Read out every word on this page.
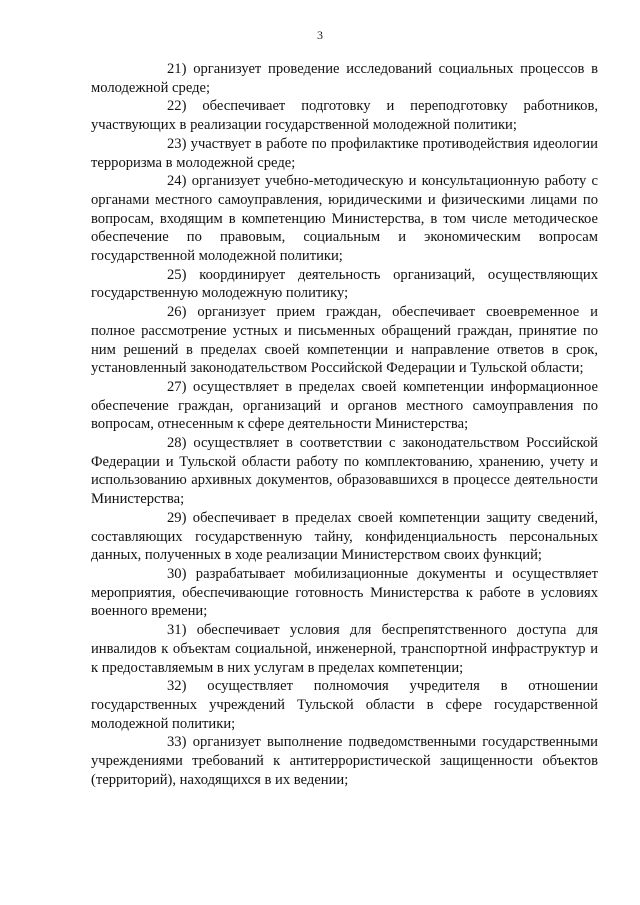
3

21) организует проведение исследований социальных процессов в молодежной среде;

22) обеспечивает подготовку и переподготовку работников, участвующих в реализации государственной молодежной политики;

23) участвует в работе по профилактике противодействия идеологии терроризма в молодежной среде;

24) организует учебно-методическую и консультационную работу с органами местного самоуправления, юридическими и физическими лицами по вопросам, входящим в компетенцию Министерства, в том числе методическое обеспечение по правовым, социальным и экономическим вопросам государственной молодежной политики;

25) координирует деятельность организаций, осуществляющих государственную молодежную политику;

26) организует прием граждан, обеспечивает своевременное и полное рассмотрение устных и письменных обращений граждан, принятие по ним решений в пределах своей компетенции и направление ответов в срок, установленный законодательством Российской Федерации и Тульской области;

27) осуществляет в пределах своей компетенции информационное обеспечение граждан, организаций и органов местного самоуправления по вопросам, отнесенным к сфере деятельности Министерства;

28) осуществляет в соответствии с законодательством Российской Федерации и Тульской области работу по комплектованию, хранению, учету и использованию архивных документов, образовавшихся в процессе деятельности Министерства;

29) обеспечивает в пределах своей компетенции защиту сведений, составляющих государственную тайну, конфиденциальность персональных данных, полученных в ходе реализации Министерством своих функций;

30) разрабатывает мобилизационные документы и осуществляет мероприятия, обеспечивающие готовность Министерства к работе в условиях военного времени;

31) обеспечивает условия для беспрепятственного доступа для инвалидов к объектам социальной, инженерной, транспортной инфраструктур и к предоставляемым в них услугам в пределах компетенции;

32) осуществляет полномочия учредителя в отношении государственных учреждений Тульской области в сфере государственной молодежной политики;

33) организует выполнение подведомственными государственными учреждениями требований к антитеррористической защищенности объектов (территорий), находящихся в их ведении;
